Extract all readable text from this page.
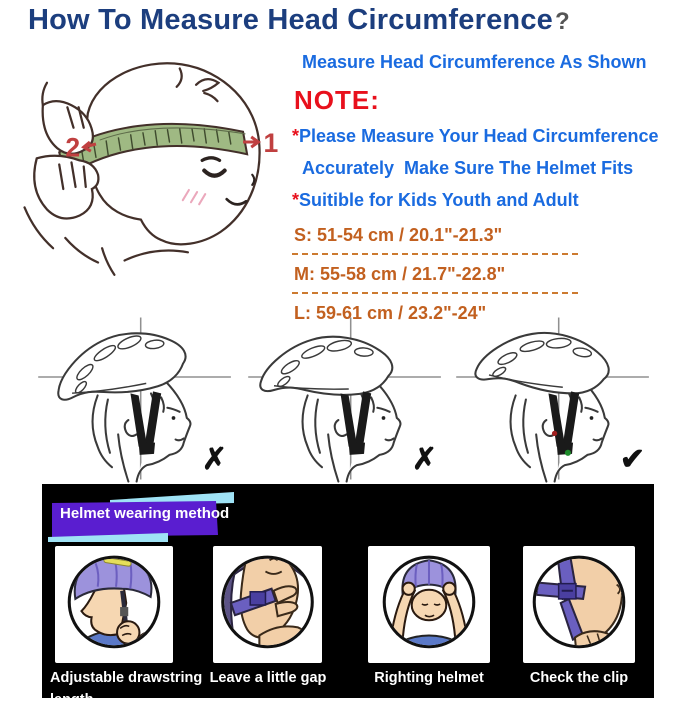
How To Measure Head Circumference?
2	1
Measure Head Circumference As Shown
NOTE:
*Please Measure Your Head Circumference
Accurately  Make Sure The Helmet Fits
*Suitible for Kids Youth and Adult
S: 51-54 cm / 20.1"-21.3"
M: 55-58 cm / 21.7"-22.8"
L: 59-61 cm / 23.2"-24"
✗	✗	✔
Helmet wearing method
Adjustable drawstring length
Leave a little gap	Righting helmet	Check the clip
